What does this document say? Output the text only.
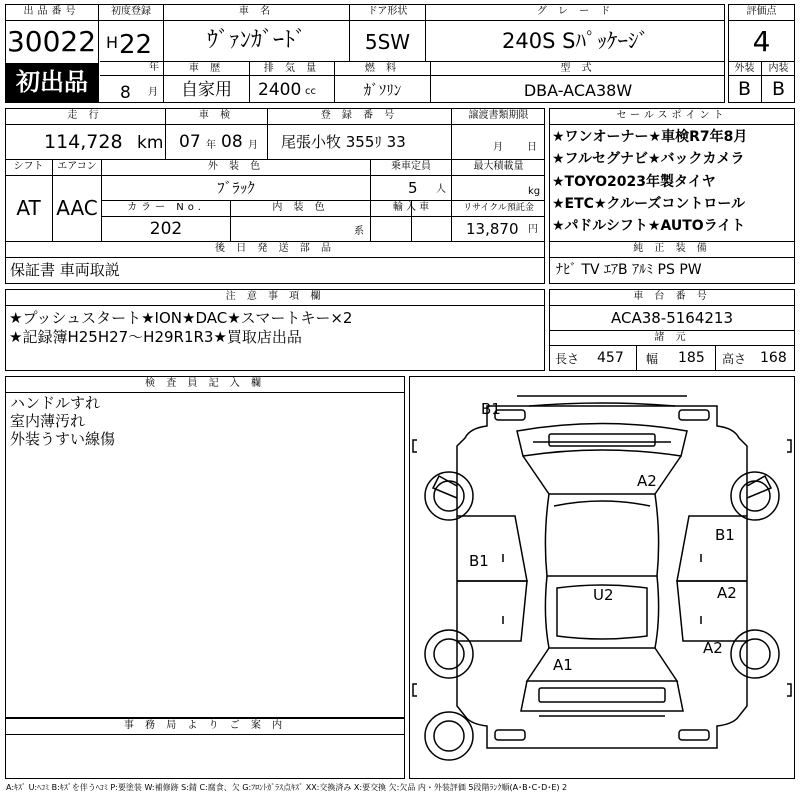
出品番号
30022
初出品
初度登録
H 22
年
8 月
車 名
ｳﾞｧﾝｶﾞｰﾄﾞ
ドア形状
5SW
グ レ ー ド
240S Sﾊﾟｯｹｰｼﾞ
評価点
4
外装	内装
B	B
車 歴
自家用
排 気 量
2400 cc
燃 料
ｶﾞｿﾘﾝ
型 式
DBA-ACA38W
走 行
114,728 km
車 検
07 年 08 月
登 録 番 号
尾張小牧 355ﾘ 33
譲渡書類期限
月 日
シフト
AT
エアコン
AAC
外 装 色
ﾌﾞﾗｯｸ
乗車定員
5 人
最大積載量
kg
カラー No.
202
内 装 色
系
輸 入 車	リサイクル預託金
13,870 円
後 日 発 送 部 品
保証書 車両取説
セールスポイント
★ワンオーナー★車検R7年8月
★フルセグナビ★バックカメラ
★TOYO2023年製タイヤ
★ETC★クルーズコントロール
★パドルシフト★AUTOライト
純 正 装 備
ﾅﾋﾞ TV ｴｱB ｱﾙﾐ PS PW
注 意 事 項 欄
★プッシュスタート★ION★DAC★スマートキー×2
★記録簿H25H27～H29R1R3★買取店出品
車 台 番 号
ACA38-5164213
諸 元
長さ 457 幅 185 高さ 168
検 査 員 記 入 欄
ハンドルすれ
室内薄汚れ
外装うすい線傷
事 務 局 よ り ご 案 内
B1
A2
B1
B1
U2	A2
A2
A1
A:ｷｽﾞ U:ﾍｺﾐ B:ｷｽﾞを伴うﾍｺﾐ P:要塗装 W:補修跡 S:錆 C:腐食、欠 G:ﾌﾛﾝﾄｶﾞﾗｽ点ｷｽﾞ XX:交換済み X:要交換 欠:欠品 内・外装評価 5段階ﾗﾝｸ順(A･B･C･D･E) 2
